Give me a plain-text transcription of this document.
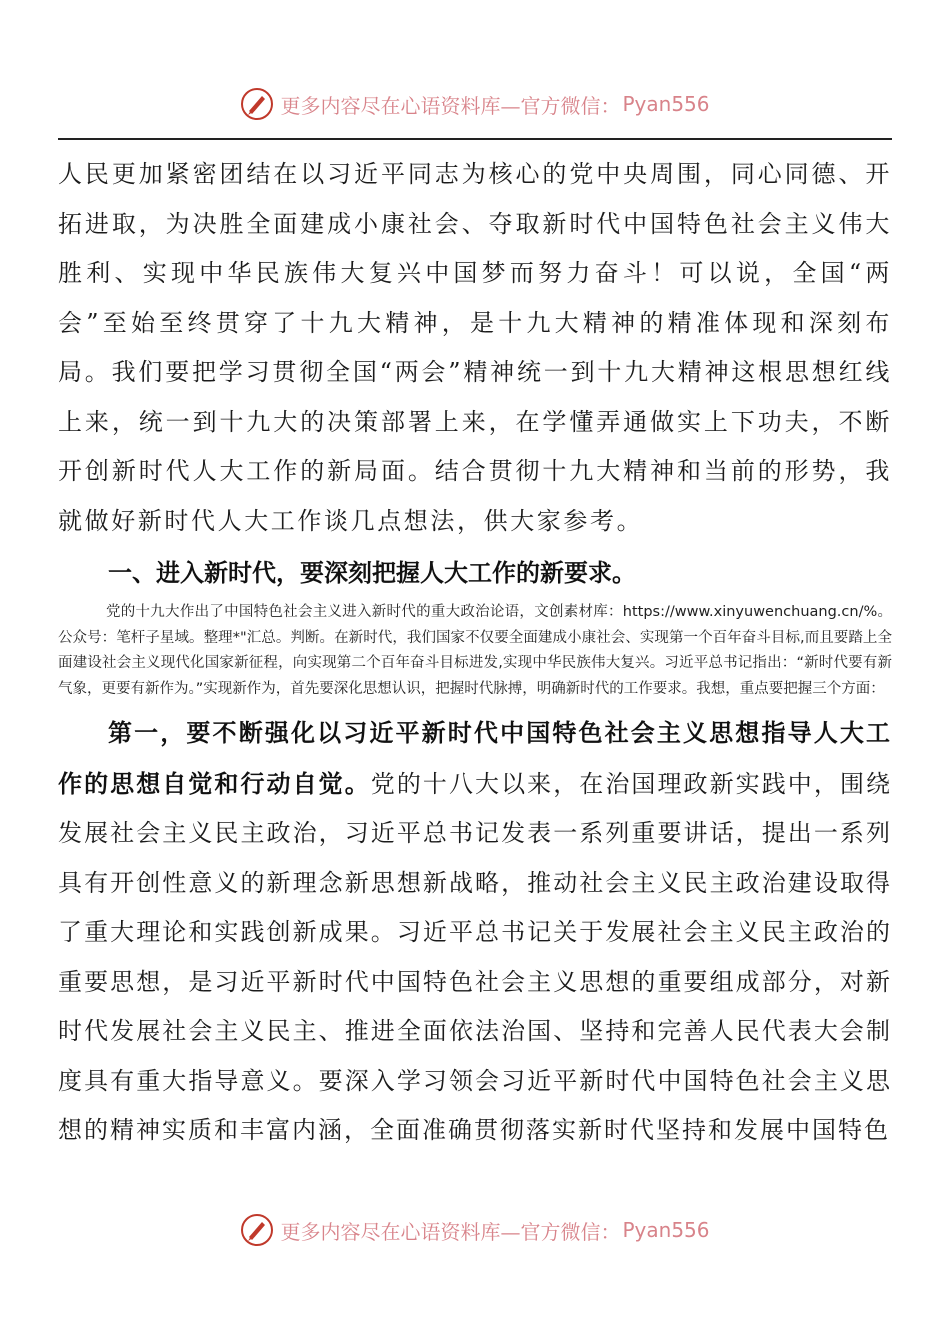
更多内容尽在心语资料库—官方微信： Pyan556

人民更加紧密团结在以习近平同志为核心的党中央周围，同心同德、开拓进取，为决胜全面建成小康社会、夺取新时代中国特色社会主义伟大胜利、实现中华民族伟大复兴中国梦而努力奋斗！可以说，全国“两会”至始至终贯穿了十九大精神，是十九大精神的精准体现和深刻布局。我们要把学习贯彻全国“两会”精神统一到十九大精神这根思想红线上来，统一到十九大的决策部署上来，在学懂弄通做实上下功夫，不断开创新时代人大工作的新局面。结合贯彻十九大精神和当前的形势，我就做好新时代人大工作谈几点想法，供大家参考。

一、进入新时代，要深刻把握人大工作的新要求。

党的十九大作出了中国特色社会主义进入新时代的重大政治论语，文创素材库：https://www.xinyuwenchuang.cn/%。公众号：笔杆子星域。整理*"汇总。判断。在新时代，我们国家不仅要全面建成小康社会、实现第一个百年奋斗目标,而且要踏上全面建设社会主义现代化国家新征程，向实现第二个百年奋斗目标进发,实现中华民族伟大复兴。习近平总书记指出：“新时代要有新气象，更要有新作为。”实现新作为，首先要深化思想认识，把握时代脉搏，明确新时代的工作要求。我想，重点要把握三个方面：

第一，要不断强化以习近平新时代中国特色社会主义思想指导人大工作的思想自觉和行动自觉。党的十八大以来，在治国理政新实践中，围绕发展社会主义民主政治，习近平总书记发表一系列重要讲话，提出一系列具有开创性意义的新理念新思想新战略，推动社会主义民主政治建设取得了重大理论和实践创新成果。习近平总书记关于发展社会主义民主政治的重要思想，是习近平新时代中国特色社会主义思想的重要组成部分，对新时代发展社会主义民主、推进全面依法治国、坚持和完善人民代表大会制度具有重大指导意义。要深入学习领会习近平新时代中国特色社会主义思想的精神实质和丰富内涵，全面准确贯彻落实新时代坚持和发展中国特色

更多内容尽在心语资料库—官方微信： Pyan556
